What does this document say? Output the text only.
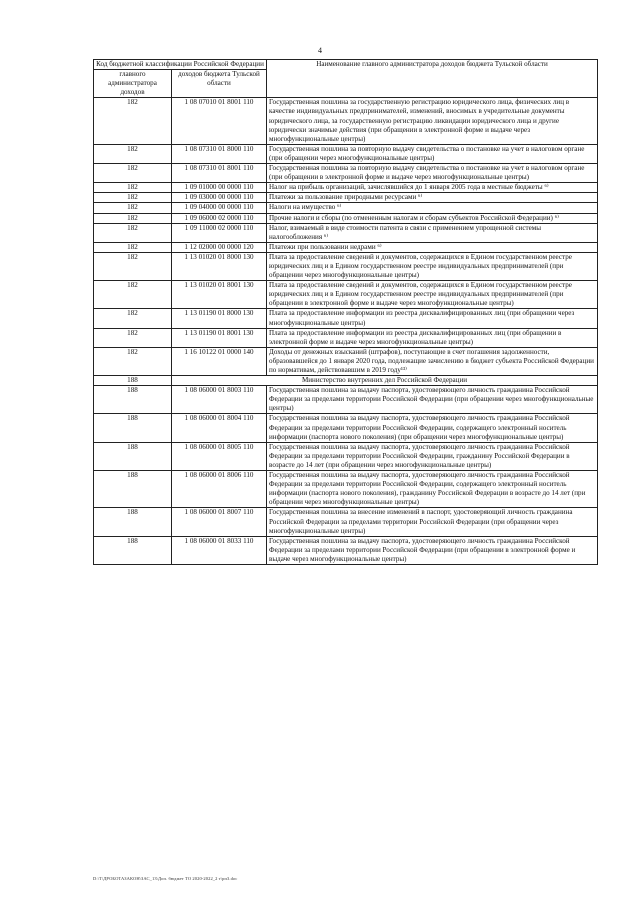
4
Код бюджетной классификации Российской Федерации		Наименование главного администратора доходов бюджета Тульской области
главного администратора доходов	доходов бюджета Тульской области	
182	1 08 07010 01 8001 110	Государственная пошлина за государственную регистрацию юридического лица, физических лиц в качестве индивидуальных предпринимателей, изменений, вносимых в учредительные документы юридического лица, за государственную регистрацию ликвидации юридического лица и другие юридически значимые действия (при обращении в электронной форме и выдаче через многофункциональные центры)
182	1 08 07310 01 8000 110	Государственная пошлина за повторную выдачу свидетельства о постановке на учет в налоговом органе (при обращении через многофункциональные центры)
182	1 08 07310 01 8001 110	Государственная пошлина за повторную выдачу свидетельства о постановке на учет в налоговом органе (при обращении в электронной форме и выдаче через многофункциональные центры)
182	1 09 01000 00 0000 110	Налог на прибыль организаций, зачислявшийся до 1 января 2005 года в местные бюджеты ⁶⁾
182	1 09 03000 00 0000 110	Платежи за пользование природными ресурсами ⁶⁾
182	1 09 04000 00 0000 110	Налоги на имущество ⁶⁾
182	1 09 06000 02 0000 110	Прочие налоги и сборы (по отмененным налогам и сборам субъектов Российской Федерации) ⁶⁾
182	1 09 11000 02 0000 110	Налог, взимаемый в виде стоимости патента в связи с применением упрощенной системы налогообложения ⁶⁾
182	1 12 02000 00 0000 120	Платежи при пользовании недрами ⁶⁾
182	1 13 01020 01 8000 130	Плата за предоставление сведений и документов, содержащихся в Едином государственном реестре юридических лиц и в Едином государственном реестре индивидуальных предпринимателей (при обращении через многофункциональные центры)
182	1 13 01020 01 8001 130	Плата за предоставление сведений и документов, содержащихся в Едином государственном реестре юридических лиц и в Едином государственном реестре индивидуальных предпринимателей (при обращении в электронной форме и выдаче через многофункциональные центры)
182	1 13 01190 01 8000 130	Плата за предоставление информации из реестра дисквалифицированных лиц (при обращении через многофункциональные центры)
182	1 13 01190 01 8001 130	Плата за предоставление информации из реестра дисквалифицированных лиц (при обращении в электронной форме и выдаче через многофункциональные центры)
182	1 16 10122 01 0000 140	Доходы от денежных взысканий (штрафов), поступающие в счет погашения задолженности, образовавшейся до 1 января 2020 года, подлежащие зачислению в бюджет субъекта Российской Федерации по нормативам, действовавшим в 2019 году¹³⁾
188	Министерство внутренних дел Российской Федерации	
188	1 08 06000 01 8003 110	Государственная пошлина за выдачу паспорта, удостоверяющего личность гражданина Российской Федерации за пределами территории Российской Федерации (при обращении через многофункциональные центры)
188	1 08 06000 01 8004 110	Государственная пошлина за выдачу паспорта, удостоверяющего личность гражданина Российской Федерации за пределами территории Российской Федерации, содержащего электронный носитель информации (паспорта нового поколения) (при обращении через многофункциональные центры)
188	1 08 06000 01 8005 110	Государственная пошлина за выдачу паспорта, удостоверяющего личность гражданина Российской Федерации за пределами территории Российской Федерации, гражданину Российской Федерации в возрасте до 14 лет (при обращении через многофункциональные центры)
188	1 08 06000 01 8006 110	Государственная пошлина за выдачу паспорта, удостоверяющего личность гражданина Российской Федерации за пределами территории Российской Федерации, содержащего электронный носитель информации (паспорта нового поколения), гражданину Российской Федерации в возрасте до 14 лет (при обращении через многофункциональные центры)
188	1 08 06000 01 8007 110	Государственная пошлина за внесение изменений в паспорт, удостоверяющий личность гражданина Российской Федерации за пределами территории Российской Федерации (при обращении через многофункциональные центры)
188	1 08 06000 01 8033 110	Государственная пошлина за выдачу паспорта, удостоверяющего личность гражданина Российской Федерации за пределами территории Российской Федерации (при обращении в электронной форме и выдаче через многофункциональные центры)
D:\Т\ДРОБОТАЗАКОН\ЗАС_13\Доп. бюджет ТО 2020-2022_2 т\рп3.doc
